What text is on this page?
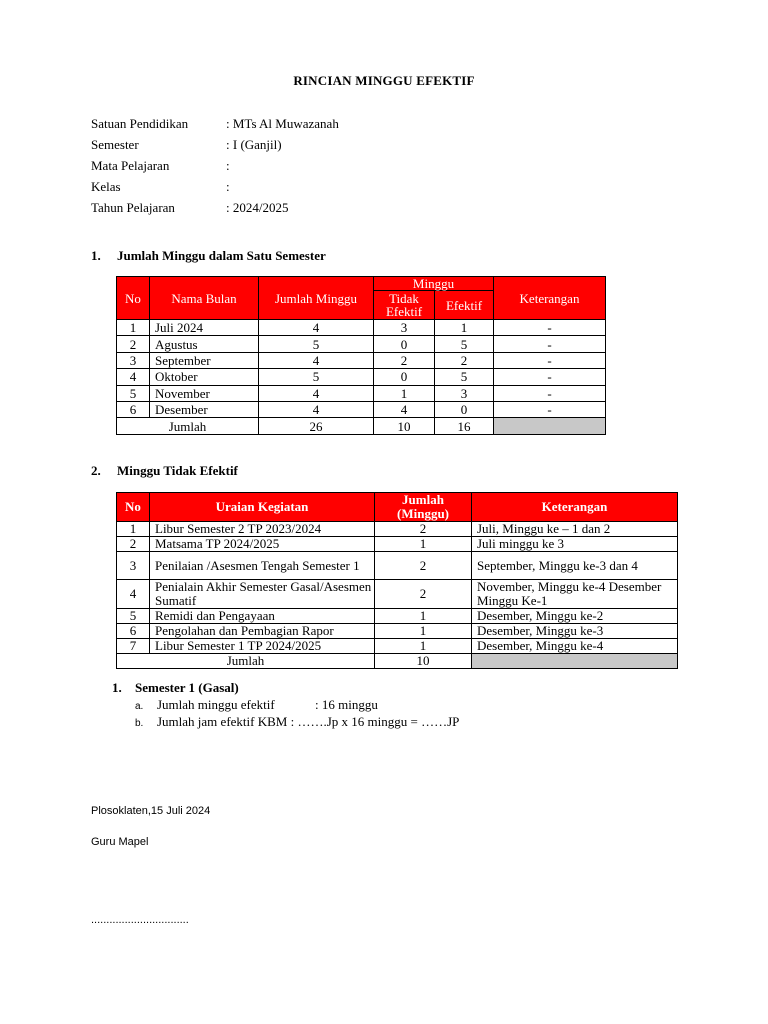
RINCIAN MINGGU EFEKTIF
Satuan Pendidikan	: MTs Al Muwazanah
Semester	: I (Ganjil)
Mata Pelajaran	:
Kelas	:
Tahun Pelajaran	: 2024/2025
1. Jumlah Minggu dalam Satu Semester
No	Nama Bulan	Jumlah Minggu	Minggu		Keterangan
			Tidak Efektif	Efektif	
1	Juli 2024	4	3	1	-
2	Agustus	5	0	5	-
3	September	4	2	2	-
4	Oktober	5	0	5	-
5	November	4	1	3	-
6	Desember	4	4	0	-
Jumlah		26	10	16	
2. Minggu Tidak Efektif
No	Uraian Kegiatan	Jumlah (Minggu)	Keterangan
1	Libur Semester 2 TP 2023/2024	2	Juli, Minggu ke – 1 dan 2
2	Matsama TP 2024/2025	1	Juli minggu ke 3
3	Penilaian /Asesmen Tengah Semester 1	2	September, Minggu ke-3 dan 4
4	Penialain Akhir Semester Gasal/Asesmen Sumatif	2	November, Minggu ke-4 Desember Minggu Ke-1
5	Remidi dan Pengayaan	1	Desember, Minggu ke-2
6	Pengolahan dan Pembagian Rapor	1	Desember, Minggu ke-3
7	Libur Semester 1 TP 2024/2025	1	Desember, Minggu ke-4
Jumlah		10	
1. Semester 1 (Gasal)
a. Jumlah minggu efektif	: 16 minggu
b. Jumlah jam efektif KBM : …….Jp x 16 minggu = ……JP
Plosoklaten,15 Juli 2024
Guru Mapel
................................
